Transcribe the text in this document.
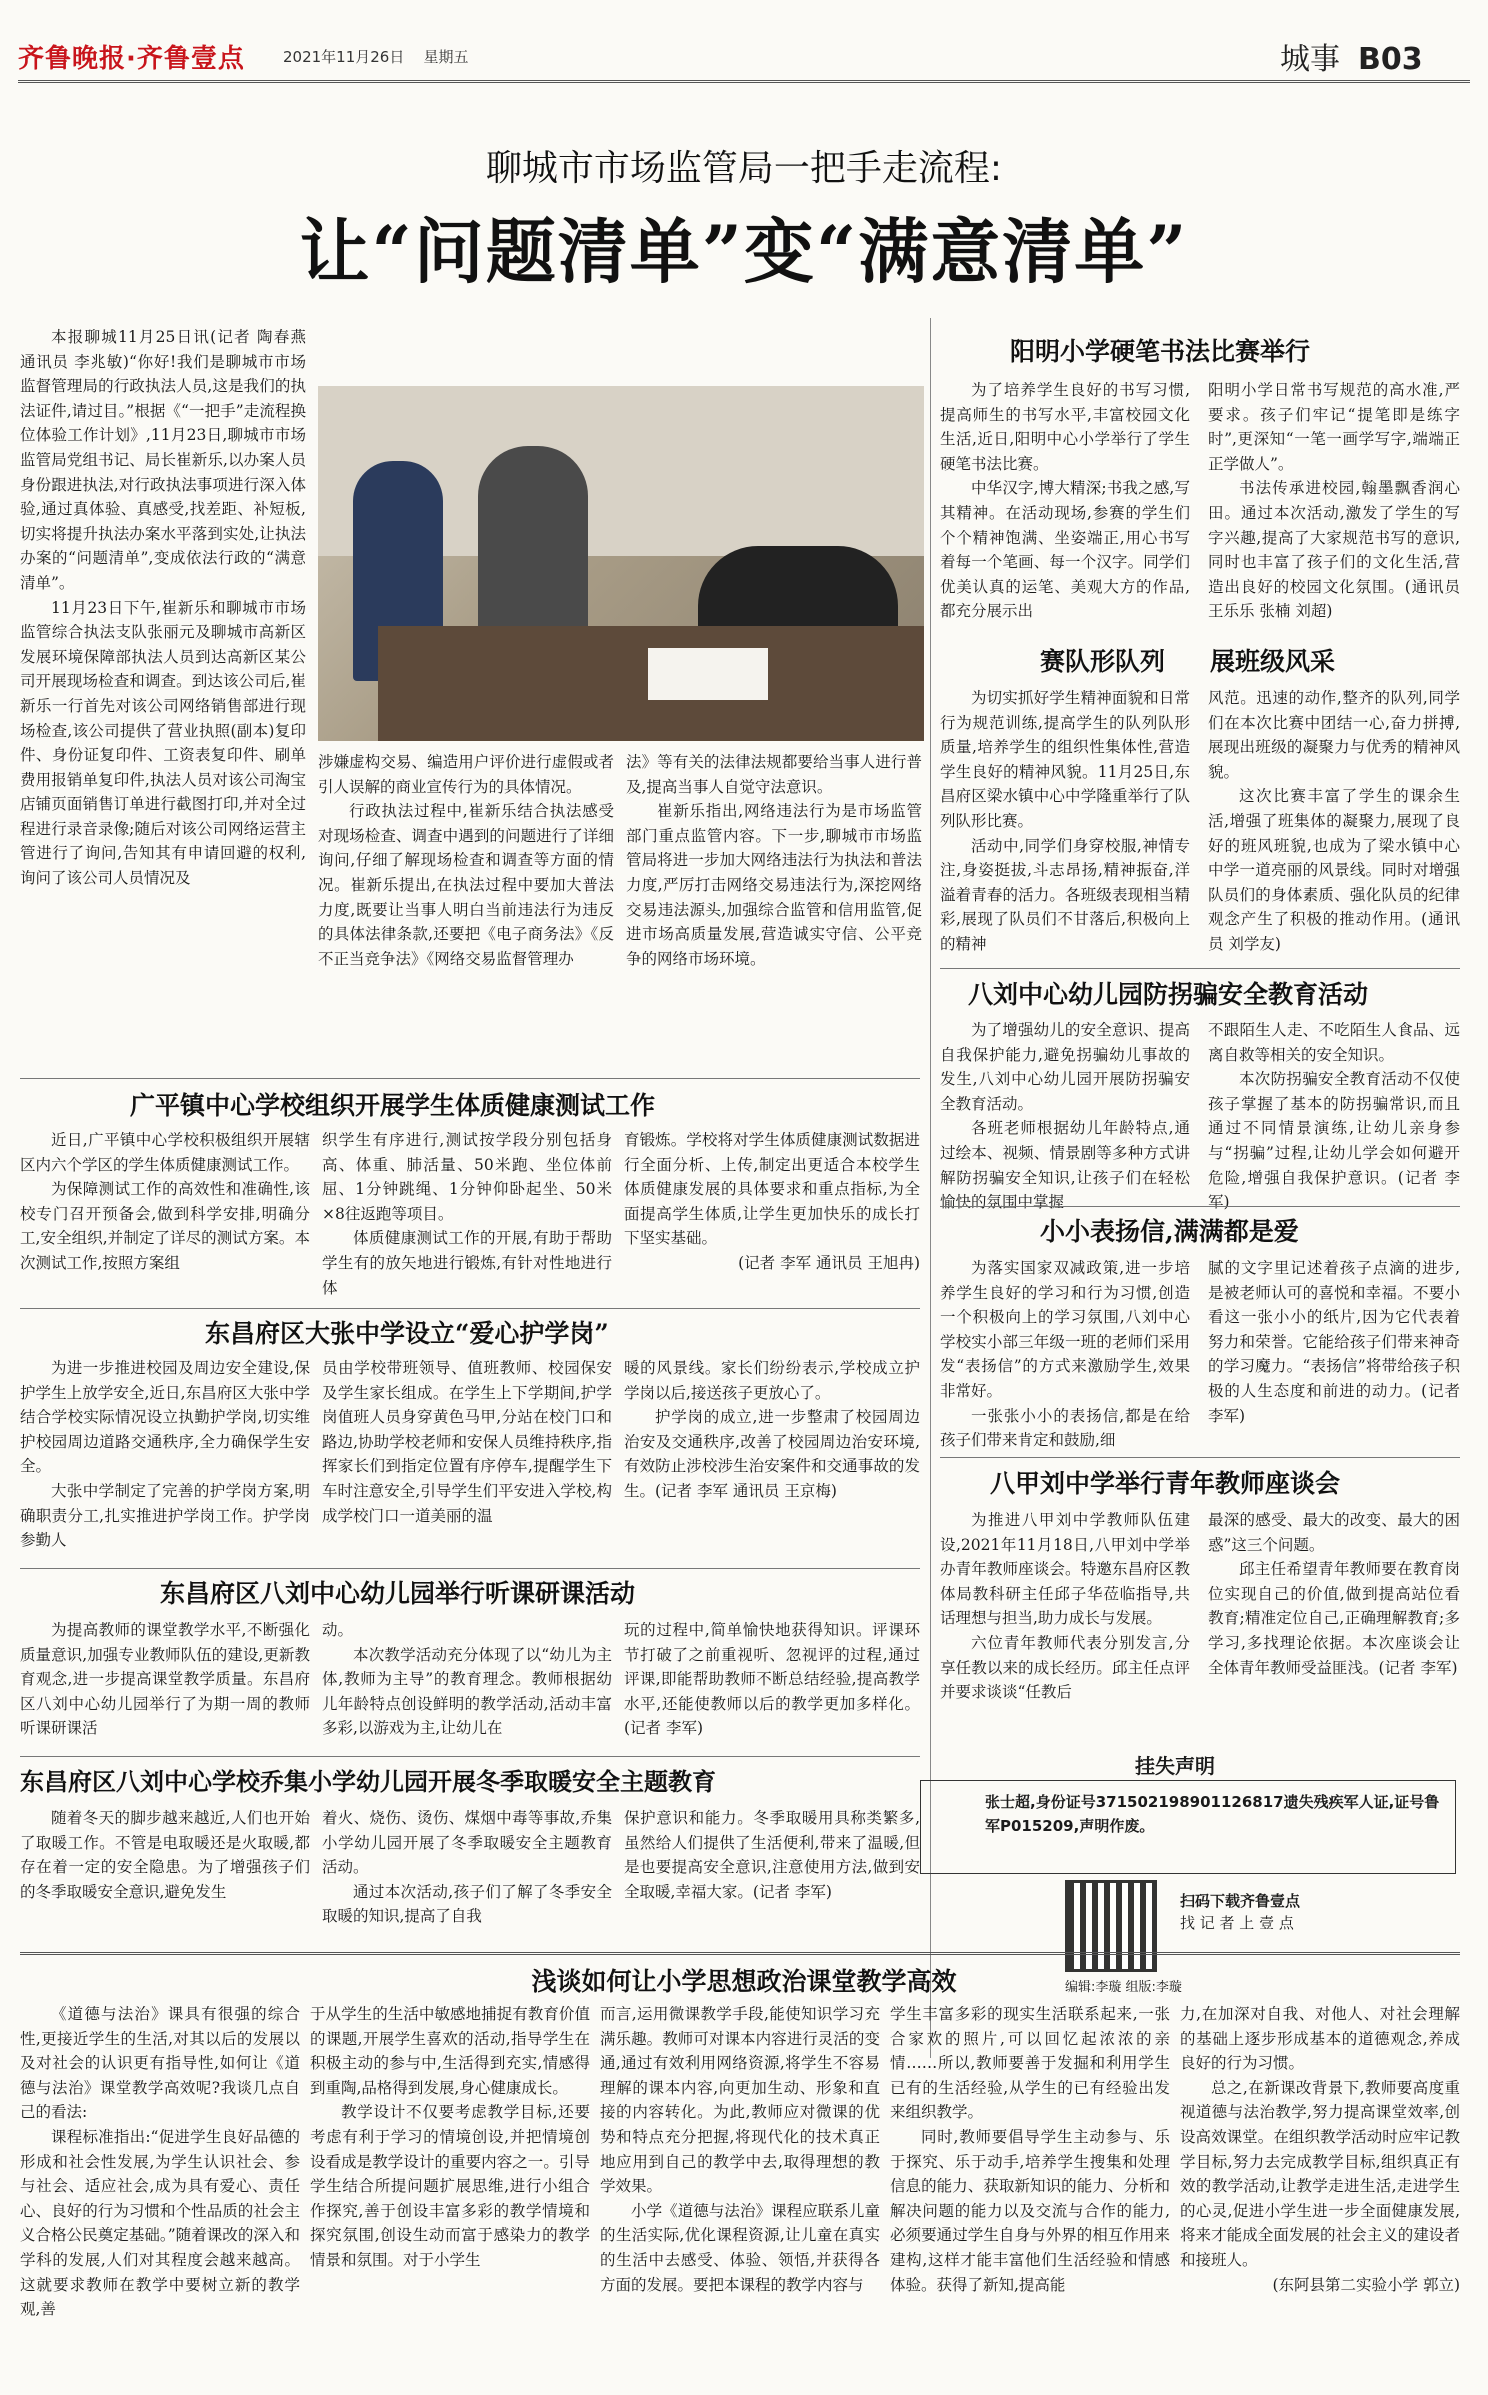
齐鲁晚报·齐鲁壹点	2021年11月26日 星期五	城事 B03
聊城市市场监管局一把手走流程:
让“问题清单”变“满意清单”

本报聊城11月25日讯(记者 陶春燕 通讯员 李兆敏)“你好!我们是聊城市市场监督管理局的行政执法人员,这是我们的执法证件,请过目。”根据《“一把手”走流程换位体验工作计划》,11月23日,聊城市市场监管局党组书记、局长崔新乐,以办案人员身份跟进执法,对行政执法事项进行深入体验,通过真体验、真感受,找差距、补短板,切实将提升执法办案水平落到实处,让执法办案的“问题清单”,变成依法行政的“满意清单”。

11月23日下午,崔新乐和聊城市市场监管综合执法支队张丽元及聊城市高新区发展环境保障部执法人员到达高新区某公司开展现场检查和调查。到达该公司后,崔新乐一行首先对该公司网络销售部进行现场检查,该公司提供了营业执照(副本)复印件、身份证复印件、工资表复印件、刷单费用报销单复印件,执法人员对该公司淘宝店铺页面销售订单进行截图打印,并对全过程进行录音录像;随后对该公司网络运营主管进行了询问,告知其有申请回避的权利,询问了该公司人员情况及

涉嫌虚构交易、编造用户评价进行虚假或者引人误解的商业宣传行为的具体情况。

行政执法过程中,崔新乐结合执法感受对现场检查、调查中遇到的问题进行了详细询问,仔细了解现场检查和调查等方面的情况。崔新乐提出,在执法过程中要加大普法力度,既要让当事人明白当前违法行为违反的具体法律条款,还要把《电子商务法》《反不正当竞争法》《网络交易监督管理办

法》等有关的法律法规都要给当事人进行普及,提高当事人自觉守法意识。

崔新乐指出,网络违法行为是市场监管部门重点监管内容。下一步,聊城市市场监管局将进一步加大网络违法行为执法和普法力度,严厉打击网络交易违法行为,深挖网络交易违法源头,加强综合监管和信用监管,促进市场高质量发展,营造诚实守信、公平竞争的网络市场环境。

阳明小学硬笔书法比赛举行

为了培养学生良好的书写习惯,提高师生的书写水平,丰富校园文化生活,近日,阳明中心小学举行了学生硬笔书法比赛。

中华汉字,博大精深;书我之感,写其精神。在活动现场,参赛的学生们个个精神饱满、坐姿端正,用心书写着每一个笔画、每一个汉字。同学们优美认真的运笔、美观大方的作品,都充分展示出

阳明小学日常书写规范的高水准,严要求。孩子们牢记“提笔即是练字时”,更深知“一笔一画学写字,端端正正学做人”。

书法传承进校园,翰墨飘香润心田。通过本次活动,激发了学生的写字兴趣,提高了大家规范书写的意识,同时也丰富了孩子们的文化生活,营造出良好的校园文化氛围。(通讯员 王乐乐 张楠 刘超)

赛队形队列 展班级风采

为切实抓好学生精神面貌和日常行为规范训练,提高学生的队列队形质量,培养学生的组织性集体性,营造学生良好的精神风貌。11月25日,东昌府区梁水镇中心中学隆重举行了队列队形比赛。

活动中,同学们身穿校服,神情专注,身姿挺拔,斗志昂扬,精神振奋,洋溢着青春的活力。各班级表现相当精彩,展现了队员们不甘落后,积极向上的精神

风范。迅速的动作,整齐的队列,同学们在本次比赛中团结一心,奋力拼搏,展现出班级的凝聚力与优秀的精神风貌。

这次比赛丰富了学生的课余生活,增强了班集体的凝聚力,展现了良好的班风班貌,也成为了梁水镇中心中学一道亮丽的风景线。同时对增强队员们的身体素质、强化队员的纪律观念产生了积极的推动作用。(通讯员 刘学友)

八刘中心幼儿园防拐骗安全教育活动

为了增强幼儿的安全意识、提高自我保护能力,避免拐骗幼儿事故的发生,八刘中心幼儿园开展防拐骗安全教育活动。

各班老师根据幼儿年龄特点,通过绘本、视频、情景剧等多种方式讲解防拐骗安全知识,让孩子们在轻松愉快的氛围中掌握

不跟陌生人走、不吃陌生人食品、远离自救等相关的安全知识。

本次防拐骗安全教育活动不仅使孩子掌握了基本的防拐骗常识,而且通过不同情景演练,让幼儿亲身参与“拐骗”过程,让幼儿学会如何避开危险,增强自我保护意识。(记者 李军)

小小表扬信,满满都是爱

为落实国家双减政策,进一步培养学生良好的学习和行为习惯,创造一个积极向上的学习氛围,八刘中心学校实小部三年级一班的老师们采用发“表扬信”的方式来激励学生,效果非常好。

一张张小小的表扬信,都是在给孩子们带来肯定和鼓励,细

腻的文字里记述着孩子点滴的进步,是被老师认可的喜悦和幸福。不要小看这一张小小的纸片,因为它代表着努力和荣誉。它能给孩子们带来神奇的学习魔力。“表扬信”将带给孩子积极的人生态度和前进的动力。(记者 李军)

八甲刘中学举行青年教师座谈会

为推进八甲刘中学教师队伍建设,2021年11月18日,八甲刘中学举办青年教师座谈会。特邀东昌府区教体局教科研主任邱子华莅临指导,共话理想与担当,助力成长与发展。

六位青年教师代表分别发言,分享任教以来的成长经历。邱主任点评并要求谈谈“任教后

最深的感受、最大的改变、最大的困惑”这三个问题。

邱主任希望青年教师要在教育岗位实现自己的价值,做到提高站位看教育;精准定位自己,正确理解教育;多学习,多找理论依据。本次座谈会让全体青年教师受益匪浅。(记者 李军)

挂失声明
张士超,身份证号371502198901126817遗失残疾军人证,证号鲁军P015209,声明作废。
扫码下载齐鲁壹点
找 记 者 上 壹 点
编辑:李璇 组版:李璇
广平镇中心学校组织开展学生体质健康测试工作

近日,广平镇中心学校积极组织开展辖区内六个学区的学生体质健康测试工作。

为保障测试工作的高效性和准确性,该校专门召开预备会,做到科学安排,明确分工,安全组织,并制定了详尽的测试方案。本次测试工作,按照方案组

织学生有序进行,测试按学段分别包括身高、体重、肺活量、50米跑、坐位体前屈、1分钟跳绳、1分钟仰卧起坐、50米×8往返跑等项目。

体质健康测试工作的开展,有助于帮助学生有的放矢地进行锻炼,有针对性地进行体

育锻炼。学校将对学生体质健康测试数据进行全面分析、上传,制定出更适合本校学生体质健康发展的具体要求和重点指标,为全面提高学生体质,让学生更加快乐的成长打下坚实基础。

(记者 李军 通讯员 王旭冉)

东昌府区大张中学设立“爱心护学岗”

为进一步推进校园及周边安全建设,保护学生上放学安全,近日,东昌府区大张中学结合学校实际情况设立执勤护学岗,切实维护校园周边道路交通秩序,全力确保学生安全。

大张中学制定了完善的护学岗方案,明确职责分工,扎实推进护学岗工作。护学岗参勤人

员由学校带班领导、值班教师、校园保安及学生家长组成。在学生上下学期间,护学岗值班人员身穿黄色马甲,分站在校门口和路边,协助学校老师和安保人员维持秩序,指挥家长们到指定位置有序停车,提醒学生下车时注意安全,引导学生们平安进入学校,构成学校门口一道美丽的温

暖的风景线。家长们纷纷表示,学校成立护学岗以后,接送孩子更放心了。

护学岗的成立,进一步整肃了校园周边治安及交通秩序,改善了校园周边治安环境,有效防止涉校涉生治安案件和交通事故的发生。(记者 李军 通讯员 王京梅)

东昌府区八刘中心幼儿园举行听课研课活动

为提高教师的课堂教学水平,不断强化质量意识,加强专业教师队伍的建设,更新教育观念,进一步提高课堂教学质量。东昌府区八刘中心幼儿园举行了为期一周的教师听课研课活

动。

本次教学活动充分体现了以“幼儿为主体,教师为主导”的教育理念。教师根据幼儿年龄特点创设鲜明的教学活动,活动丰富多彩,以游戏为主,让幼儿在

玩的过程中,简单愉快地获得知识。评课环节打破了之前重视听、忽视评的过程,通过评课,即能帮助教师不断总结经验,提高教学水平,还能使教师以后的教学更加多样化。(记者 李军)

东昌府区八刘中心学校乔集小学幼儿园开展冬季取暖安全主题教育

随着冬天的脚步越来越近,人们也开始了取暖工作。不管是电取暖还是火取暖,都存在着一定的安全隐患。为了增强孩子们的冬季取暖安全意识,避免发生

着火、烧伤、烫伤、煤烟中毒等事故,乔集小学幼儿园开展了冬季取暖安全主题教育活动。

通过本次活动,孩子们了解了冬季安全取暖的知识,提高了自我

保护意识和能力。冬季取暖用具称类繁多,虽然给人们提供了生活便利,带来了温暖,但是也要提高安全意识,注意使用方法,做到安全取暖,幸福大家。(记者 李军)

浅谈如何让小学思想政治课堂教学高效

《道德与法治》课具有很强的综合性,更接近学生的生活,对其以后的发展以及对社会的认识更有指导性,如何让《道德与法治》课堂教学高效呢?我谈几点自己的看法:

课程标准指出:“促进学生良好品德的形成和社会性发展,为学生认识社会、参与社会、适应社会,成为具有爱心、责任心、良好的行为习惯和个性品质的社会主义合格公民奠定基础。”随着课改的深入和学科的发展,人们对其程度会越来越高。这就要求教师在教学中要树立新的教学观,善

于从学生的生活中敏感地捕捉有教育价值的课题,开展学生喜欢的活动,指导学生在积极主动的参与中,生活得到充实,情感得到重陶,品格得到发展,身心健康成长。

教学设计不仅要考虑教学目标,还要考虑有利于学习的情境创设,并把情境创设看成是教学设计的重要内容之一。引导学生结合所提问题扩展思维,进行小组合作探究,善于创设丰富多彩的教学情境和探究氛围,创设生动而富于感染力的教学情景和氛围。对于小学生

而言,运用微课教学手段,能使知识学习充满乐趣。教师可对课本内容进行灵活的变通,通过有效利用网络资源,将学生不容易理解的课本内容,向更加生动、形象和直接的内容转化。为此,教师应对微课的优势和特点充分把握,将现代化的技术真正地应用到自己的教学中去,取得理想的教学效果。

小学《道德与法治》课程应联系儿童的生活实际,优化课程资源,让儿童在真实的生活中去感受、体验、领悟,并获得各方面的发展。要把本课程的教学内容与

学生丰富多彩的现实生活联系起来,一张合家欢的照片,可以回忆起浓浓的亲情……所以,教师要善于发掘和利用学生已有的生活经验,从学生的已有经验出发来组织教学。

同时,教师要倡导学生主动参与、乐于探究、乐于动手,培养学生搜集和处理信息的能力、获取新知识的能力、分析和解决问题的能力以及交流与合作的能力,必须要通过学生自身与外界的相互作用来建构,这样才能丰富他们生活经验和情感体验。获得了新知,提高能

力,在加深对自我、对他人、对社会理解的基础上逐步形成基本的道德观念,养成良好的行为习惯。

总之,在新课改背景下,教师要高度重视道德与法治教学,努力提高课堂效率,创设高效课堂。在组织教学活动时应牢记教学目标,努力去完成教学目标,组织真正有效的教学活动,让教学走进生活,走进学生的心灵,促进小学生进一步全面健康发展,将来才能成全面发展的社会主义的建设者和接班人。

(东阿县第二实验小学 郭立)
